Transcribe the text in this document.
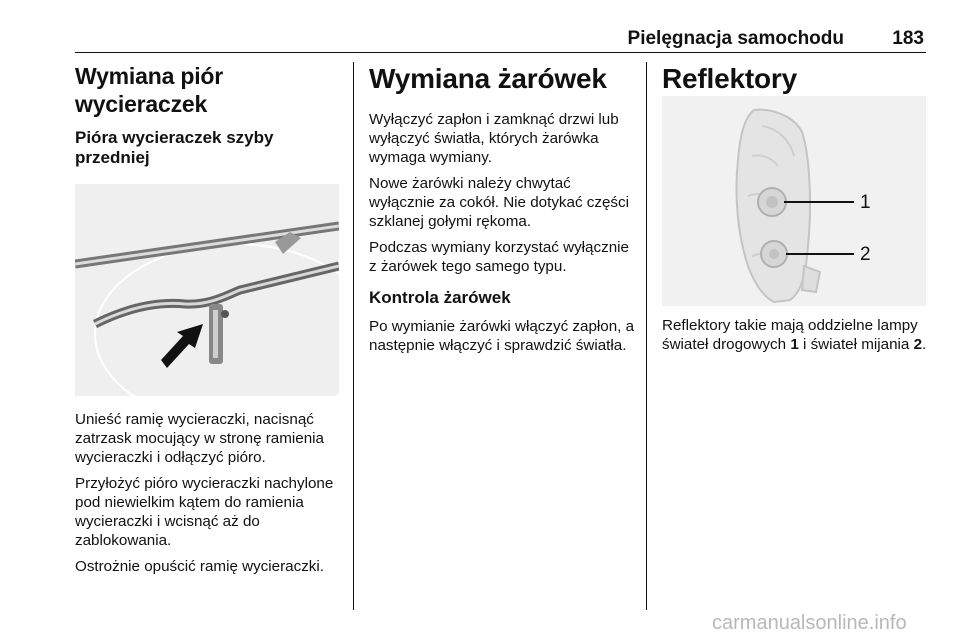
Pielęgnacja samochodu	183
Wymiana piór wycieraczek
Pióra wycieraczek szyby przedniej

Unieść ramię wycieraczki, nacisnąć zatrzask mocujący w stronę ramienia wycieraczki i odłączyć pióro.

Przyłożyć pióro wycieraczki nachylone pod niewielkim kątem do ramienia wycieraczki i wcisnąć aż do zablokowania.

Ostrożnie opuścić ramię wycieraczki.

Wymiana żarówek

Wyłączyć zapłon i zamknąć drzwi lub wyłączyć światła, których żarówka wymaga wymiany.

Nowe żarówki należy chwytać wyłącznie za cokół. Nie dotykać części szklanej gołymi rękoma.

Podczas wymiany korzystać wyłącznie z żarówek tego samego typu.

Kontrola żarówek

Po wymianie żarówki włączyć zapłon, a następnie włączyć i sprawdzić światła.

Reflektory
1
2

Reflektory takie mają oddzielne lampy świateł drogowych 1 i świateł mijania 2.

carmanualsonline.info
